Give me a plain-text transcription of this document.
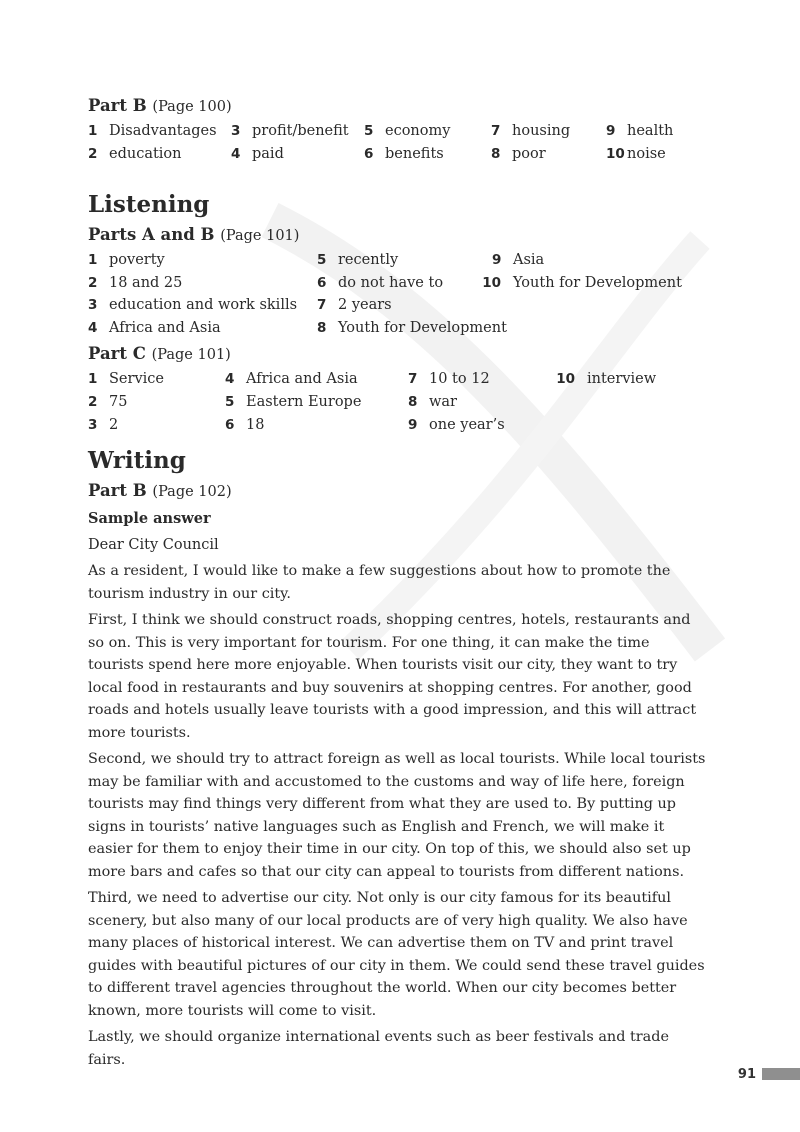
Part B (Page 100)
1 Disadvantages
2 education
3 profit/benefit
4 paid
5 economy
6 benefits
7 housing
8 poor
9 health
10 noise
Listening
Parts A and B (Page 101)
1 poverty
2 18 and 25
3 education and work skills
4 Africa and Asia
5 recently
6 do not have to
7 2 years
8 Youth for Development
9 Asia
10 Youth for Development
Part C (Page 101)
1 Service
2 75
3 2
4 Africa and Asia
5 Eastern Europe
6 18
7 10 to 12
8 war
9 one year’s
10 interview
Writing
Part B (Page 102)
Sample answer
Dear City Council
As a resident, I would like to make a few suggestions about how to promote the tourism industry in our city.
First, I think we should construct roads, shopping centres, hotels, restaurants and so on. This is very important for tourism. For one thing, it can make the time tourists spend here more enjoyable. When tourists visit our city, they want to try local food in restaurants and buy souvenirs at shopping centres. For another, good roads and hotels usually leave tourists with a good impression, and this will attract more tourists.
Second, we should try to attract foreign as well as local tourists. While local tourists may be familiar with and accustomed to the customs and way of life here, foreign tourists may find things very different from what they are used to. By putting up signs in tourists’ native languages such as English and French, we will make it easier for them to enjoy their time in our city. On top of this, we should also set up more bars and cafes so that our city can appeal to tourists from different nations.
Third, we need to advertise our city. Not only is our city famous for its beautiful scenery, but also many of our local products are of very high quality. We also have many places of historical interest. We can advertise them on TV and print travel guides with beautiful pictures of our city in them. We could send these travel guides to different travel agencies throughout the world. When our city becomes better known, more tourists will come to visit.
Lastly, we should organize international events such as beer festivals and trade fairs.
91
